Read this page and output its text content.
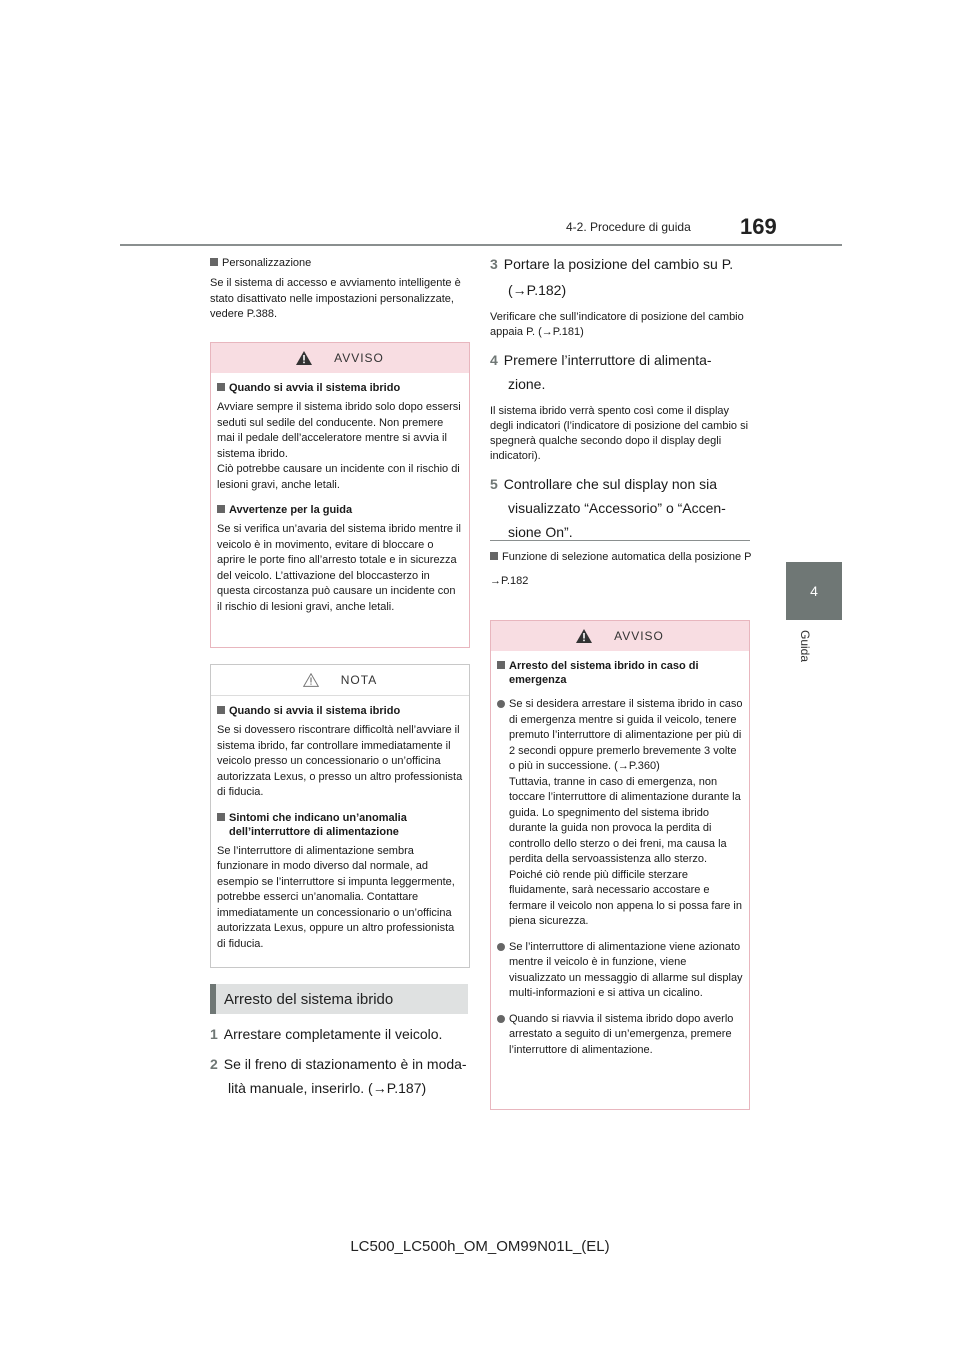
4-2. Procedure di guida 169
4
Guida
Personalizzazione
Se il sistema di accesso e avviamento intelligente è stato disattivato nelle impostazioni personalizzate, vedere P.388.
AVVISO
Quando si avvia il sistema ibrido
Avviare sempre il sistema ibrido solo dopo essersi seduti sul sedile del conducente. Non premere mai il pedale dell’acceleratore mentre si avvia il sistema ibrido.
Ciò potrebbe causare un incidente con il rischio di lesioni gravi, anche letali.
Avvertenze per la guida
Se si verifica un’avaria del sistema ibrido mentre il veicolo è in movimento, evitare di bloccare o aprire le porte fino all’arresto totale e in sicurezza del veicolo. L’attivazione del bloccasterzo in questa circostanza può causare un incidente con il rischio di lesioni gravi, anche letali.
NOTA
Quando si avvia il sistema ibrido
Se si dovessero riscontrare difficoltà nell’avviare il sistema ibrido, far controllare immediatamente il veicolo presso un concessionario o un’officina autorizzata Lexus, o presso un altro professionista di fiducia.
Sintomi che indicano un’anomalia dell’interruttore di alimentazione
Se l’interruttore di alimentazione sembra funzionare in modo diverso dal normale, ad esempio se l’interruttore si impunta leggermente, potrebbe esserci un’anomalia. Contattare immediatamente un concessionario o un’officina autorizzata Lexus, oppure un altro professionista di fiducia.
Arresto del sistema ibrido
1 Arrestare completamente il veicolo.
2 Se il freno di stazionamento è in moda-
lità manuale, inserirlo. (→P.187)
3 Portare la posizione del cambio su P.
(→P.182)
Verificare che sull’indicatore di posizione del cambio appaia P. (→P.181)
4 Premere l’interruttore di alimenta-
zione.
Il sistema ibrido verrà spento così come il display degli indicatori (l’indicatore di posizione del cambio si spegnerà qualche secondo dopo il display degli indicatori).
5 Controllare che sul display non sia
visualizzato “Accessorio” o “Accen-
sione On”.
Funzione di selezione automatica della posizione P
→P.182
AVVISO
Arresto del sistema ibrido in caso di emergenza
Se si desidera arrestare il sistema ibrido in caso di emergenza mentre si guida il veicolo, tenere premuto l’interruttore di alimentazione per più di 2 secondi oppure premerlo brevemente 3 volte o più in successione. (→P.360)
Tuttavia, tranne in caso di emergenza, non toccare l’interruttore di alimentazione durante la guida. Lo spegnimento del sistema ibrido durante la guida non provoca la perdita di controllo dello sterzo o dei freni, ma causa la perdita della servoassistenza allo sterzo. Poiché ciò rende più difficile sterzare fluidamente, sarà necessario accostare e fermare il veicolo non appena lo si possa fare in piena sicurezza.
Se l’interruttore di alimentazione viene azionato mentre il veicolo è in funzione, viene visualizzato un messaggio di allarme sul display multi-informazioni e si attiva un cicalino.
Quando si riavvia il sistema ibrido dopo averlo arrestato a seguito di un’emergenza, premere l’interruttore di alimentazione.
LC500_LC500h_OM_OM99N01L_(EL)
